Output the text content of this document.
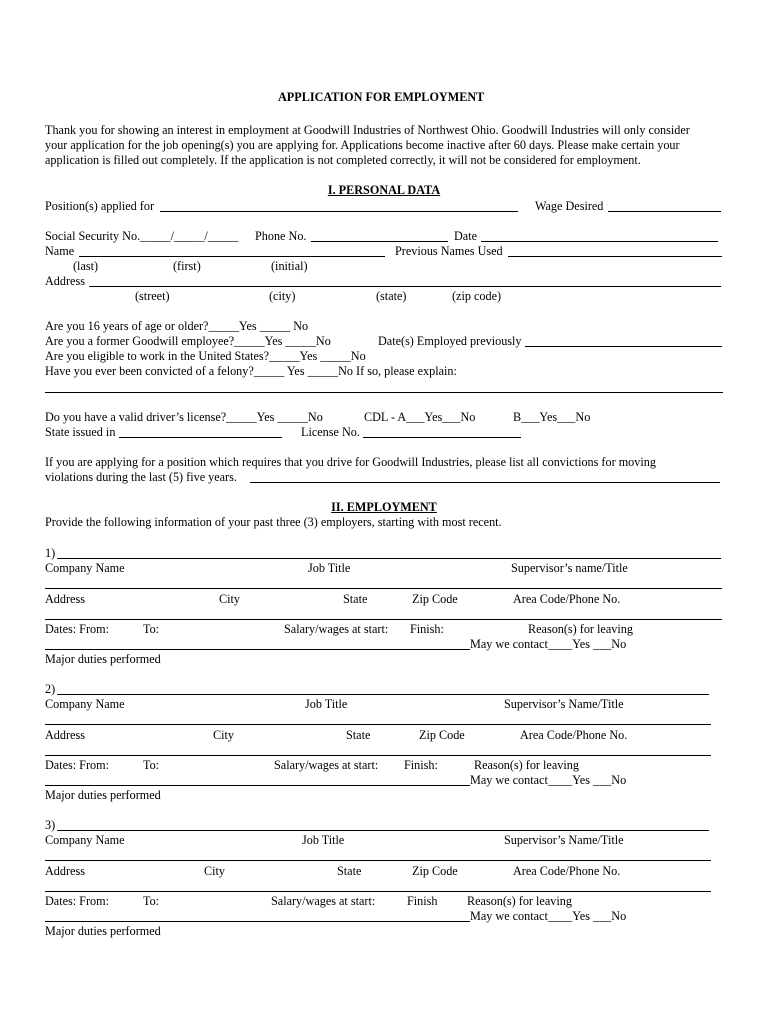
APPLICATION FOR EMPLOYMENT
Thank you for showing an interest in employment at Goodwill Industries of Northwest Ohio. Goodwill Industries will only consider
your application for the job opening(s) you are applying for. Applications become inactive after 60 days. Please make certain your
application is filled out completely. If the application is not completed correctly, it will not be considered for employment.
I. PERSONAL DATA
Position(s) applied for	Wage Desired
Social Security No._____/_____/_____ Phone No.	Date
Name	Previous Names Used
(last)	(first)	(initial)
Address
(street)	(city)	(state)	(zip code)
Are you 16 years of age or older?_____Yes _____ No
Are you a former Goodwill employee?_____Yes _____No	Date(s) Employed previously
Are you eligible to work in the United States?_____Yes _____No
Have you ever been convicted of a felony?_____ Yes _____No If so, please explain:
Do you have a valid driver’s license?_____Yes _____No	CDL - A___Yes___No	B___Yes___No
State issued in	License No.
If you are applying for a position which requires that you drive for Goodwill Industries, please list all convictions for moving
violations during the last (5) five years.
II. EMPLOYMENT
Provide the following information of your past three (3) employers, starting with most recent.
1)
Company Name	Job Title	Supervisor’s name/Title
Address	City	State	Zip Code	Area Code/Phone No.
Dates: From:	To:	Salary/wages at start: Finish:	Reason(s) for leaving
May we contact____Yes ___No
Major duties performed
2)
Company Name	Job Title	Supervisor’s Name/Title
Address	City	State	Zip Code	Area Code/Phone No.
Dates: From:	To:	Salary/wages at start: Finish:	Reason(s) for leaving
May we contact____Yes ___No
Major duties performed
3)
Company Name	Job Title	Supervisor’s Name/Title
Address	City	State	Zip Code	Area Code/Phone No.
Dates: From:	To:	Salary/wages at start:	Finish Reason(s) for leaving
May we contact____Yes ___No
Major duties performed
